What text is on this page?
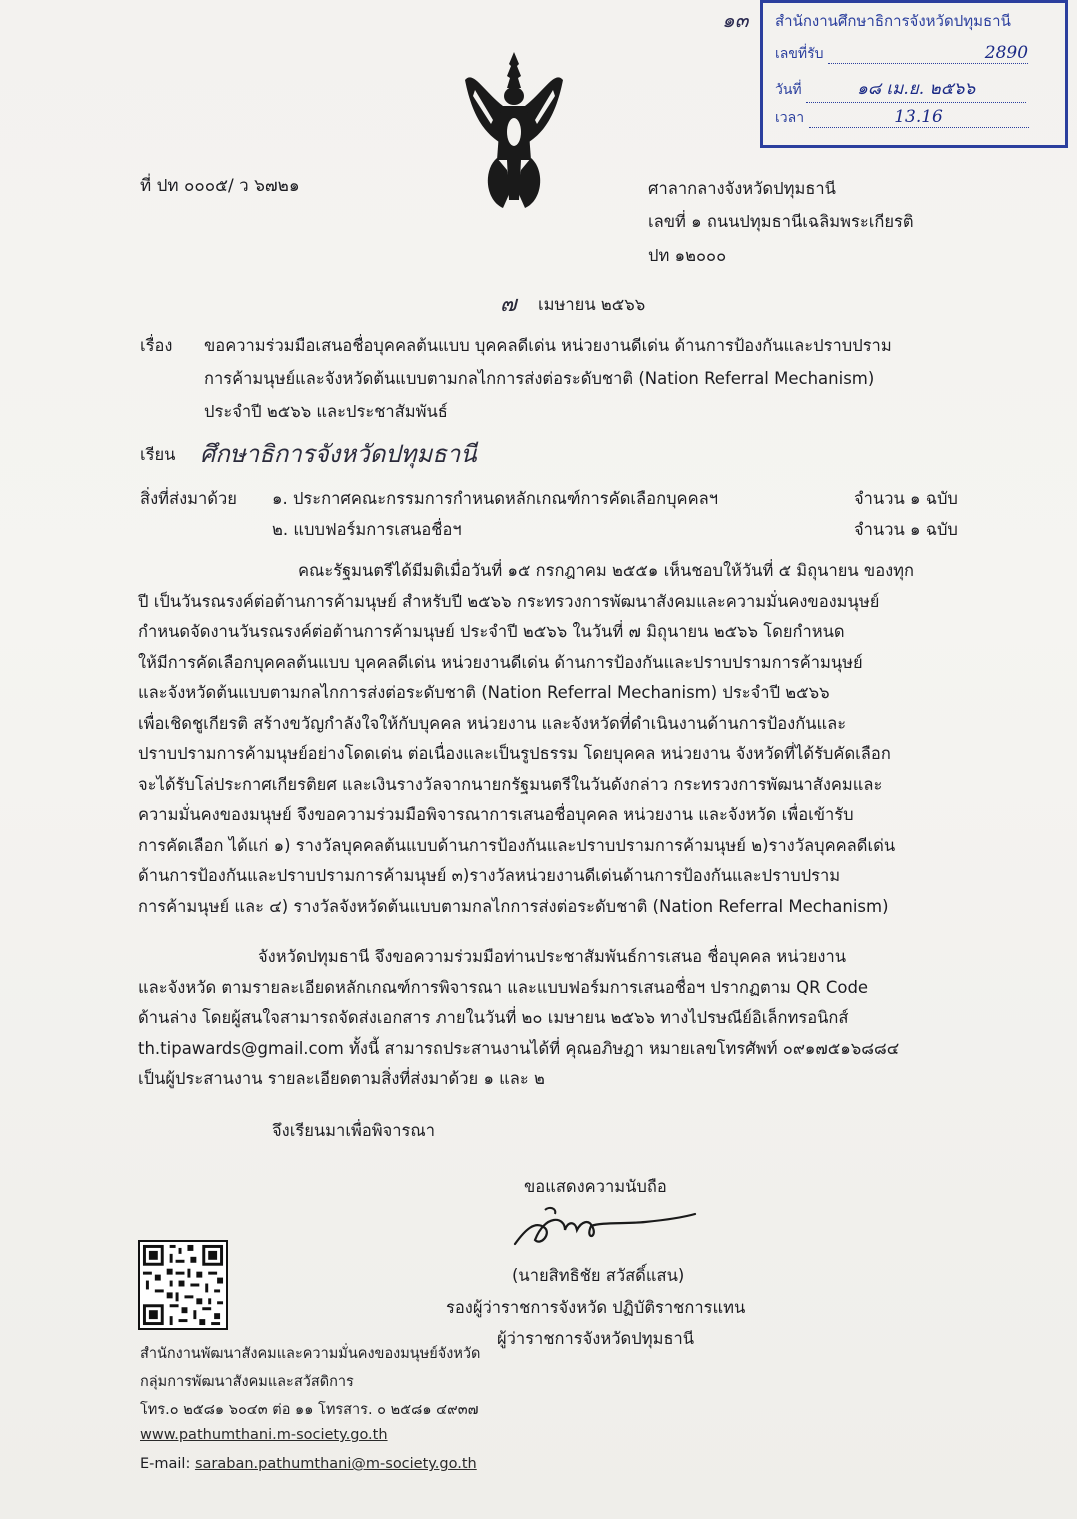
๑๓ สำนักงานศึกษาธิการจังหวัดปทุมธานี
เลขที่รับ	2890
วันที่	๑๘ เม.ย. ๒๕๖๖
เวลา	13.16
ที่ ปท ๐๐๐๕/ ว ๖๗๒๑	ศาลากลางจังหวัดปทุมธานี
เลขที่ ๑ ถนนปทุมธานีเฉลิมพระเกียรติ
ปท ๑๒๐๐๐
๗ เมษายน ๒๕๖๖
เรื่อง ขอความร่วมมือเสนอชื่อบุคคลต้นแบบ บุคคลดีเด่น หน่วยงานดีเด่น ด้านการป้องกันและปราบปราม
การค้ามนุษย์และจังหวัดต้นแบบตามกลไกการส่งต่อระดับชาติ (Nation Referral Mechanism)
ประจำปี ๒๕๖๖ และประชาสัมพันธ์
เรียน ศึกษาธิการจังหวัดปทุมธานี
สิ่งที่ส่งมาด้วย ๑. ประกาศคณะกรรมการกำหนดหลักเกณฑ์การคัดเลือกบุคคลฯ	จำนวน ๑ ฉบับ
๒. แบบฟอร์มการเสนอชื่อฯ	จำนวน ๑ ฉบับ
คณะรัฐมนตรีได้มีมติเมื่อวันที่ ๑๕ กรกฎาคม ๒๕๕๑ เห็นชอบให้วันที่ ๕ มิถุนายน ของทุก
ปี เป็นวันรณรงค์ต่อต้านการค้ามนุษย์ สำหรับปี ๒๕๖๖ กระทรวงการพัฒนาสังคมและความมั่นคงของมนุษย์
กำหนดจัดงานวันรณรงค์ต่อต้านการค้ามนุษย์ ประจำปี ๒๕๖๖ ในวันที่ ๗ มิถุนายน ๒๕๖๖ โดยกำหนด
ให้มีการคัดเลือกบุคคลต้นแบบ บุคคลดีเด่น หน่วยงานดีเด่น ด้านการป้องกันและปราบปรามการค้ามนุษย์
และจังหวัดต้นแบบตามกลไกการส่งต่อระดับชาติ (Nation Referral Mechanism) ประจำปี ๒๕๖๖
เพื่อเชิดชูเกียรติ สร้างขวัญกำลังใจให้กับบุคคล หน่วยงาน และจังหวัดที่ดำเนินงานด้านการป้องกันและ
ปราบปรามการค้ามนุษย์อย่างโดดเด่น ต่อเนื่องและเป็นรูปธรรม โดยบุคคล หน่วยงาน จังหวัดที่ได้รับคัดเลือก
จะได้รับโล่ประกาศเกียรติยศ และเงินรางวัลจากนายกรัฐมนตรีในวันดังกล่าว กระทรวงการพัฒนาสังคมและ
ความมั่นคงของมนุษย์ จึงขอความร่วมมือพิจารณาการเสนอชื่อบุคคล หน่วยงาน และจังหวัด เพื่อเข้ารับ
การคัดเลือก ได้แก่ ๑) รางวัลบุคคลต้นแบบด้านการป้องกันและปราบปรามการค้ามนุษย์ ๒)รางวัลบุคคลดีเด่น
ด้านการป้องกันและปราบปรามการค้ามนุษย์ ๓)รางวัลหน่วยงานดีเด่นด้านการป้องกันและปราบปราม
การค้ามนุษย์ และ ๔) รางวัลจังหวัดต้นแบบตามกลไกการส่งต่อระดับชาติ (Nation Referral Mechanism)
จังหวัดปทุมธานี จึงขอความร่วมมือท่านประชาสัมพันธ์การเสนอ ชื่อบุคคล หน่วยงาน
และจังหวัด ตามรายละเอียดหลักเกณฑ์การพิจารณา และแบบฟอร์มการเสนอชื่อฯ ปรากฏตาม QR Code
ด้านล่าง โดยผู้สนใจสามารถจัดส่งเอกสาร ภายในวันที่ ๒๐ เมษายน ๒๕๖๖ ทางไปรษณีย์อิเล็กทรอนิกส์
th.tipawards@gmail.com ทั้งนี้ สามารถประสานงานได้ที่ คุณอภิษฎา หมายเลขโทรศัพท์ ๐๙๑๗๕๑๖๘๘๔
เป็นผู้ประสานงาน รายละเอียดตามสิ่งที่ส่งมาด้วย ๑ และ ๒
จึงเรียนมาเพื่อพิจารณา
ขอแสดงความนับถือ
(นายสิทธิชัย สวัสดิ์แสน)
รองผู้ว่าราชการจังหวัด ปฏิบัติราชการแทน
ผู้ว่าราชการจังหวัดปทุมธานี
สำนักงานพัฒนาสังคมและความมั่นคงของมนุษย์จังหวัด
กลุ่มการพัฒนาสังคมและสวัสดิการ
โทร.๐ ๒๕๘๑ ๖๐๔๓ ต่อ ๑๑ โทรสาร. ๐ ๒๕๘๑ ๔๙๓๗
www.pathumthani.m-society.go.th
E-mail: saraban.pathumthani@m-society.go.th
